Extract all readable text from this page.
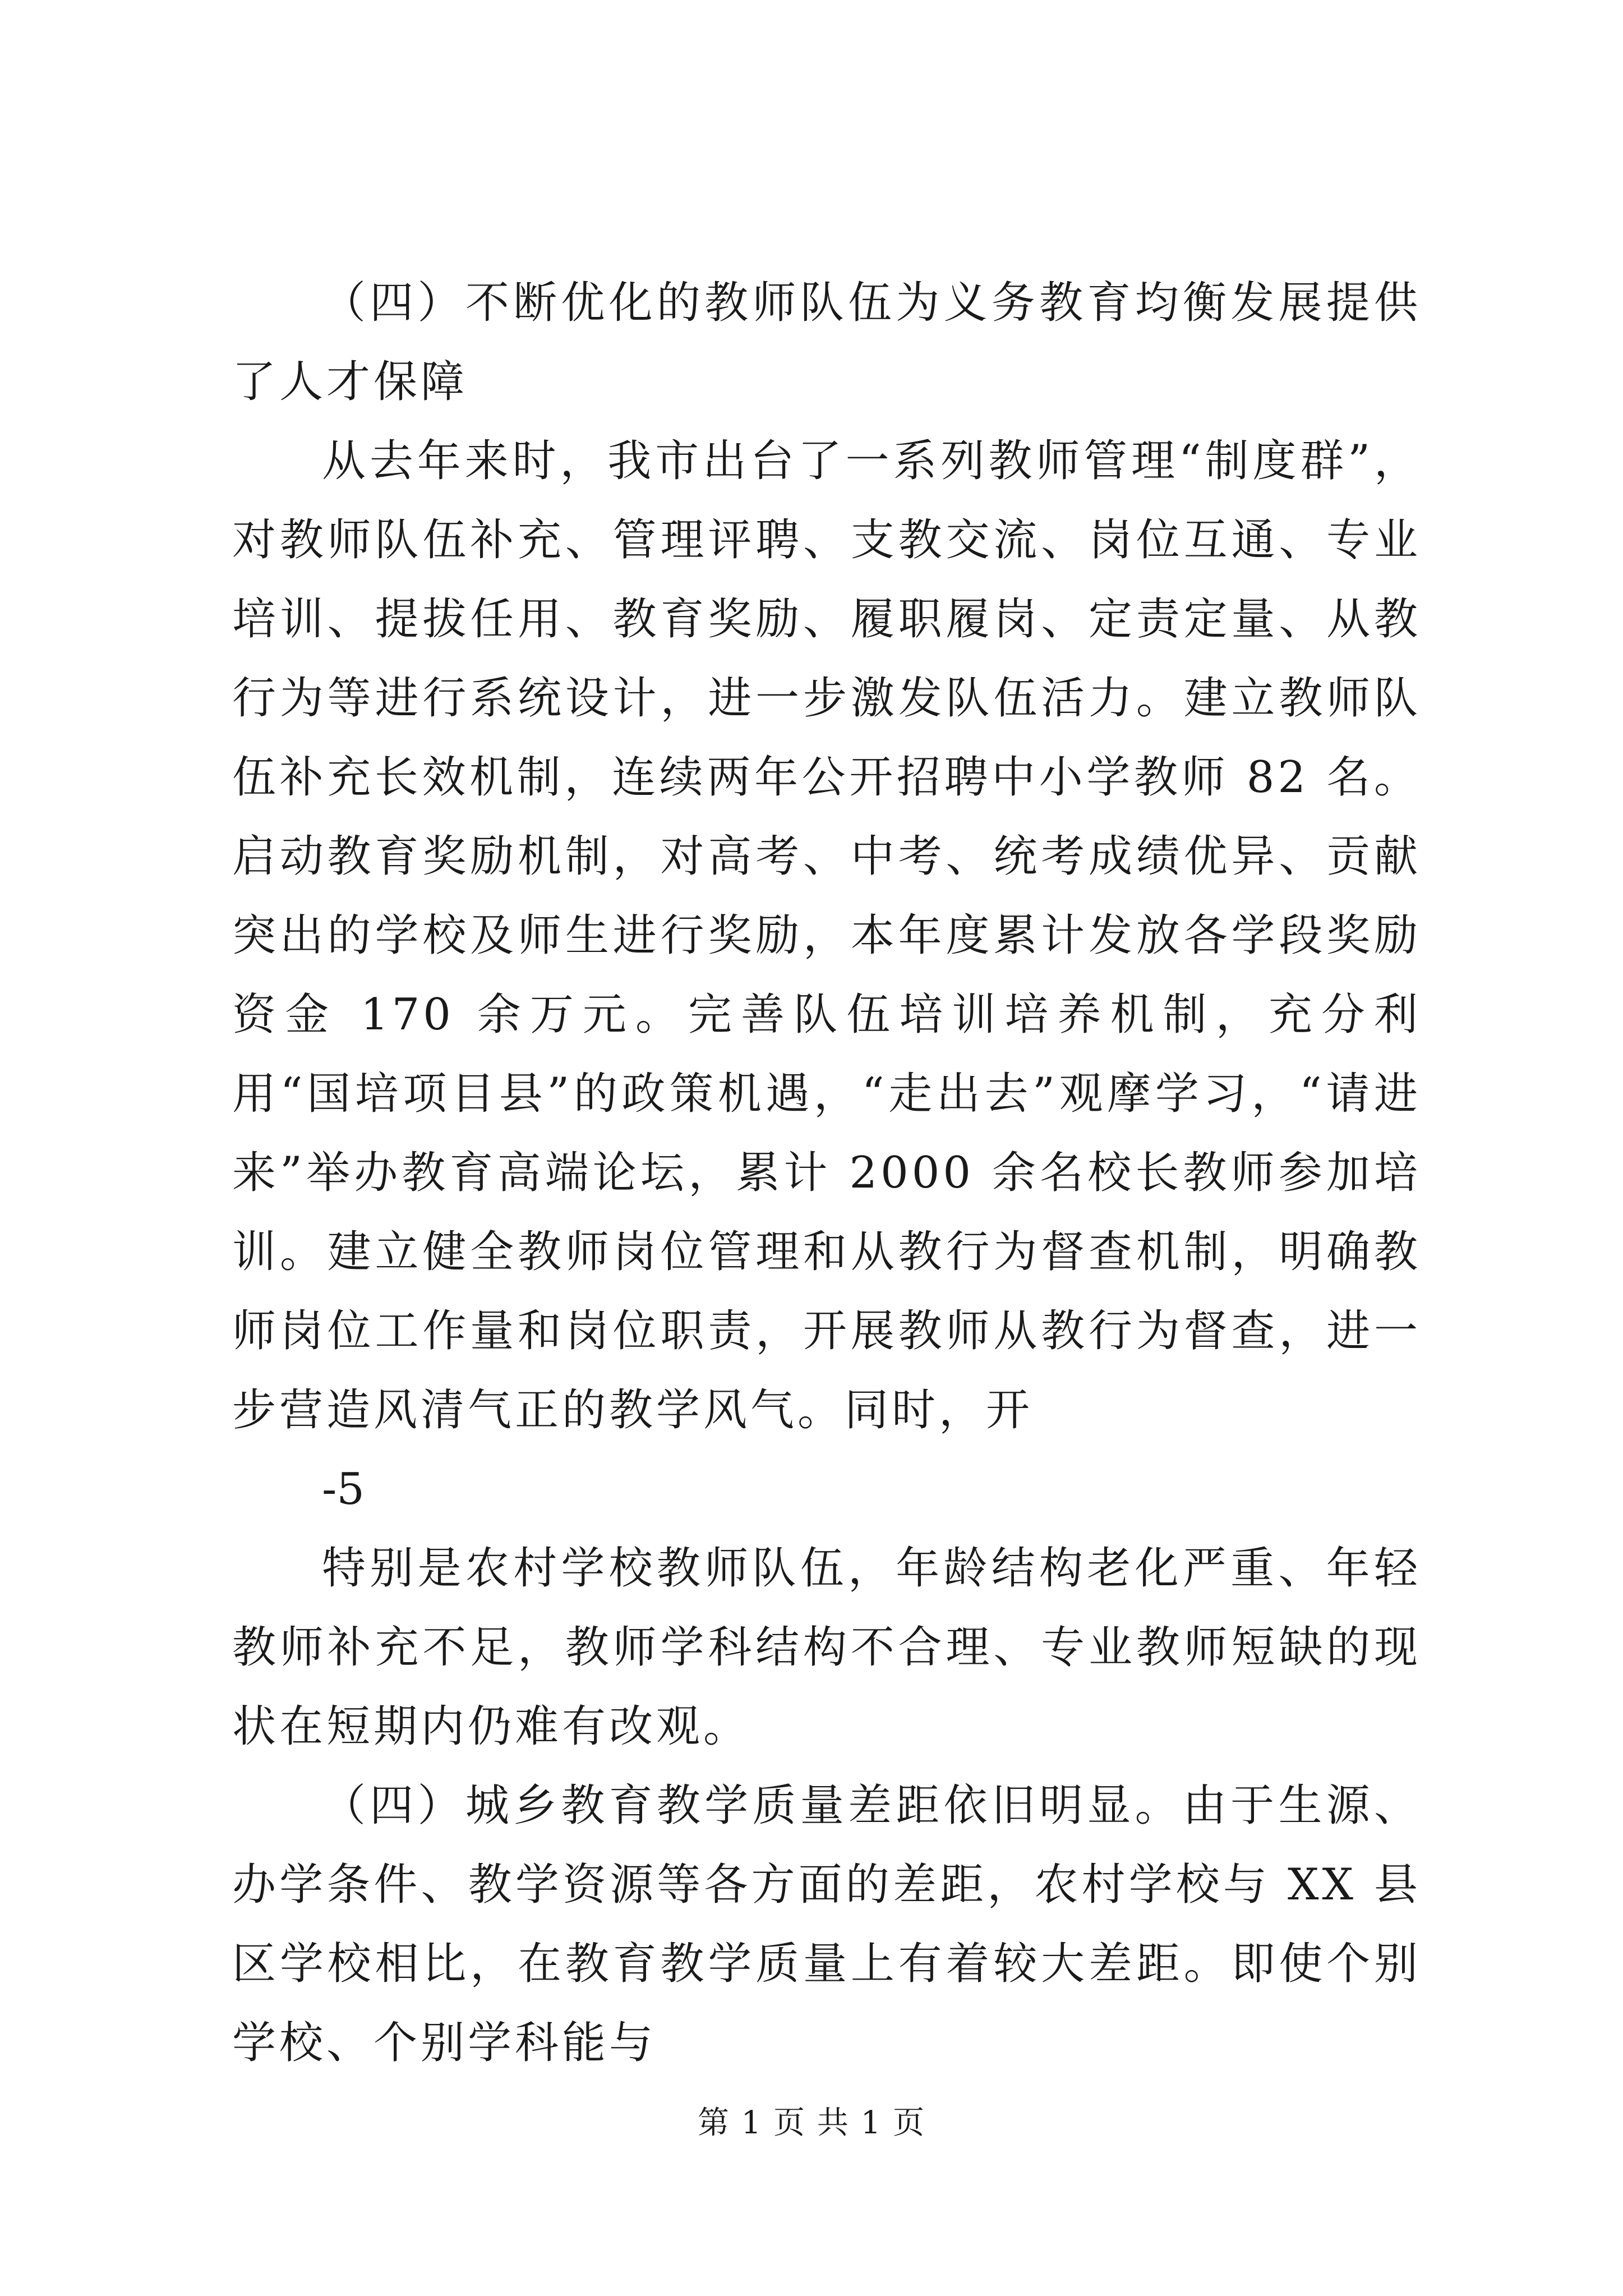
（四）不断优化的教师队伍为义务教育均衡发展提供了人才保障

从去年来时，我市出台了一系列教师管理“制度群”，对教师队伍补充、管理评聘、支教交流、岗位互通、专业培训、提拔任用、教育奖励、履职履岗、定责定量、从教行为等进行系统设计，进一步激发队伍活力。建立教师队伍补充长效机制，连续两年公开招聘中小学教师 82 名。启动教育奖励机制，对高考、中考、统考成绩优异、贡献突出的学校及师生进行奖励，本年度累计发放各学段奖励资金 170 余万元。完善队伍培训培养机制，充分利用“国培项目县”的政策机遇，“走出去”观摩学习，“请进来”举办教育高端论坛，累计 2000 余名校长教师参加培训。建立健全教师岗位管理和从教行为督查机制，明确教师岗位工作量和岗位职责，开展教师从教行为督查，进一步营造风清气正的教学风气。同时，开

-5

特别是农村学校教师队伍，年龄结构老化严重、年轻教师补充不足，教师学科结构不合理、专业教师短缺的现状在短期内仍难有改观。

（四）城乡教育教学质量差距依旧明显。由于生源、办学条件、教学资源等各方面的差距，农村学校与 XX 县区学校相比，在教育教学质量上有着较大差距。即使个别学校、个别学科能与

第 1 页 共 1 页
